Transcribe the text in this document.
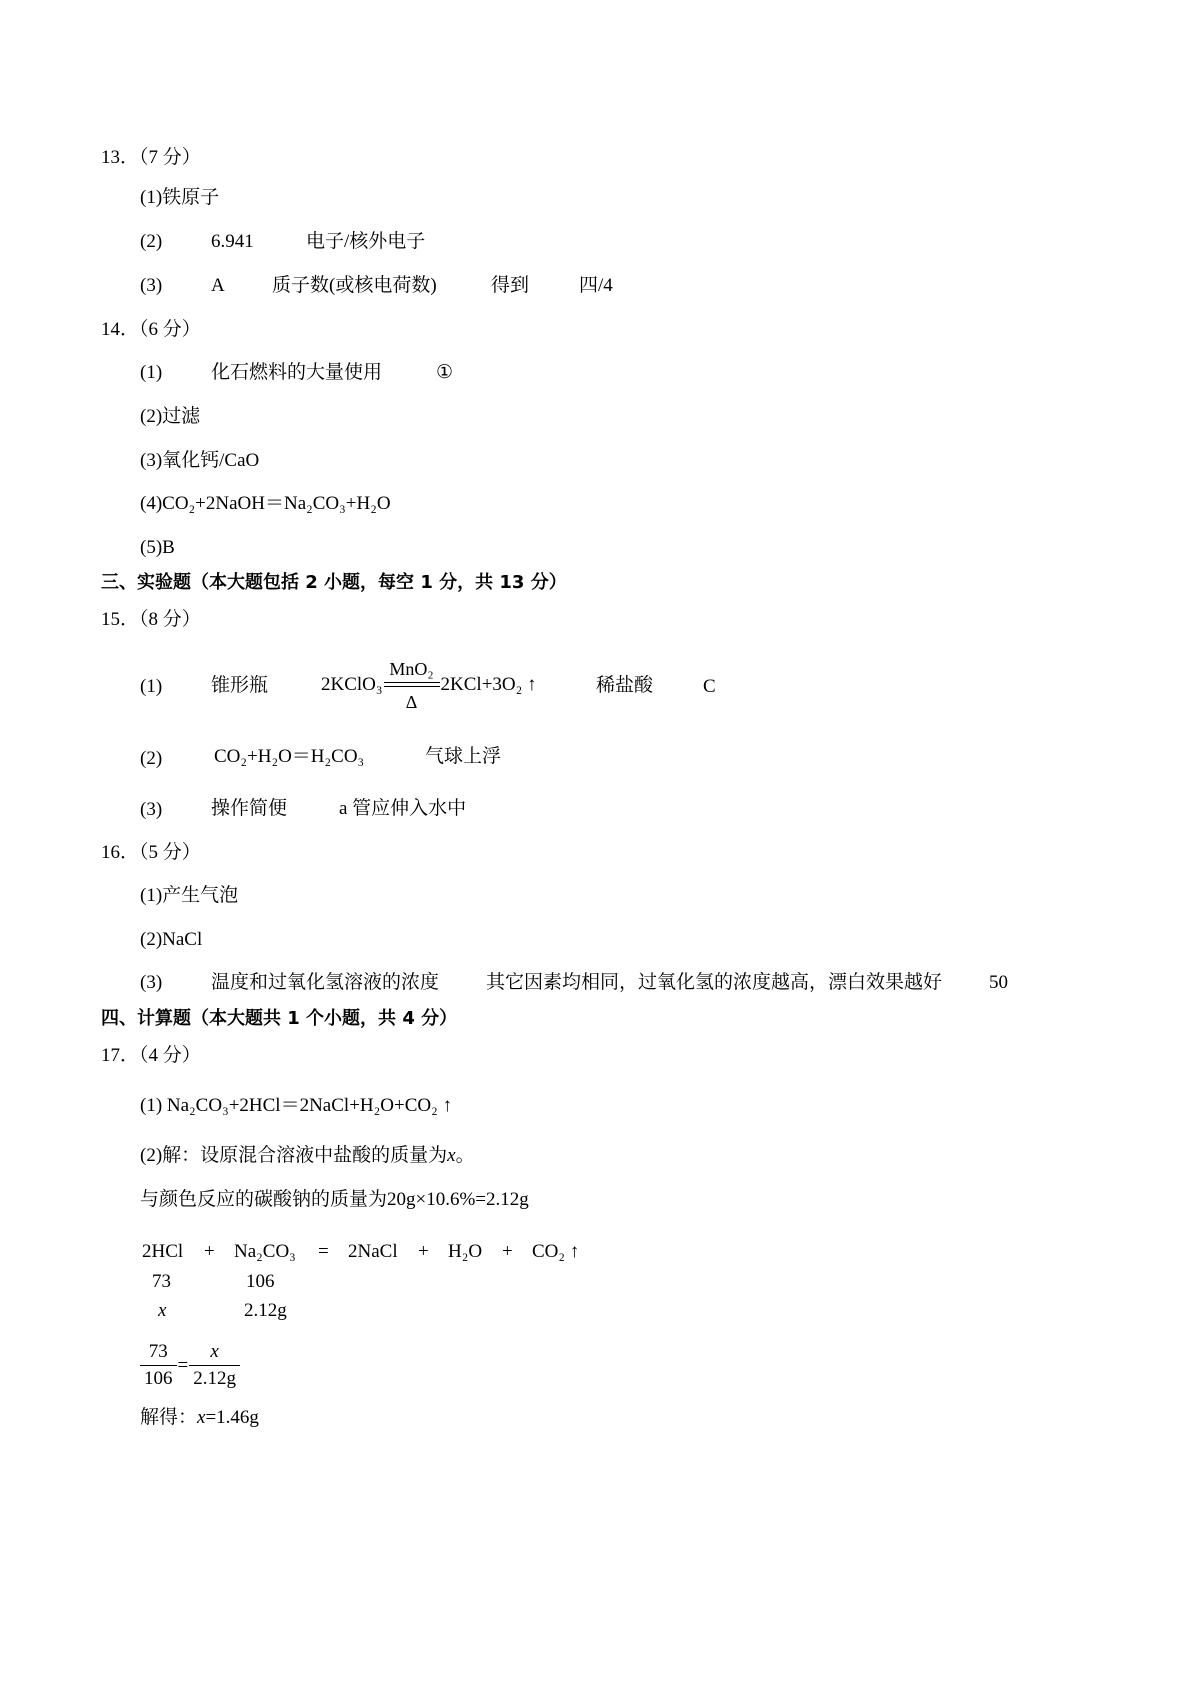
13．（7 分）
(1)铁原子
(2)	6.941	电子/核外电子
(3)	A 质子数(或核电荷数)	得到	四/4
14．（6 分）
(1)	化石燃料的大量使用	①
(2)过滤
(3)氧化钙/CaO
(4)CO₂+2NaOH＝Na₂CO₃+H₂O
(5)B
三、实验题（本大题包括 2 小题，每空 1 分，共 13 分）
15．（8 分）
(1)	锥形瓶	2KClO₃
MnO₂
Δ
2KCl+3O₂ ↑	稀盐酸	C
(2)	CO₂+H₂O＝H₂CO₃	气球上浮
(3)	操作简便	a 管应伸入水中
16．（5 分）
(1)产生气泡
(2)NaCl
(3)	温度和过氧化氢溶液的浓度 其它因素均相同，过氧化氢的浓度越高，漂白效果越好 50
四、计算题（本大题共 1 个小题，共 4 分）
17．（4 分）
(1) Na₂CO₃+2HCl＝2NaCl+H₂O+CO₂ ↑
(2)解：设原混合溶液中盐酸的质量为x。
与颜色反应的碳酸钠的质量为20g×10.6%=2.12g
2HCl + Na₂CO₃ = 2NaCl + H₂O + CO₂ ↑
73	106
x	2.12g
$\frac{73}{106} = \frac{x}{2.12g}$
解得：x=1.46g
